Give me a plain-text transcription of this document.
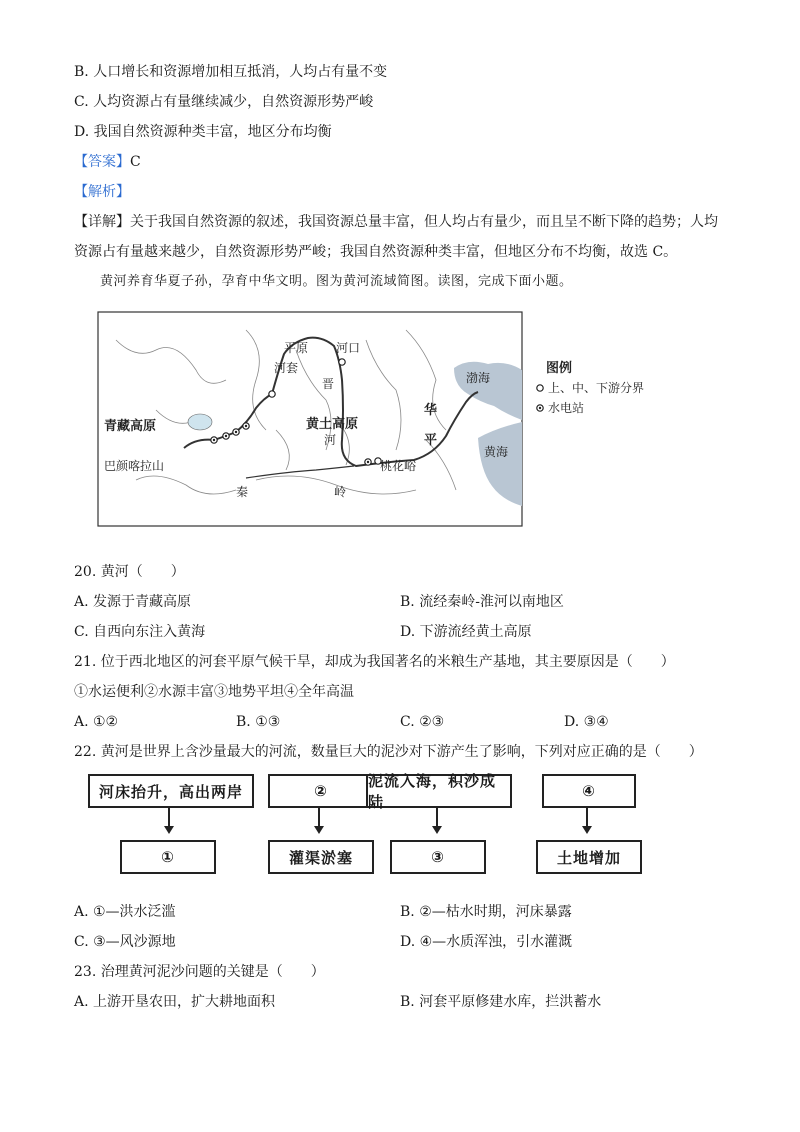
B. 人口增长和资源增加相互抵消，人均占有量不变
C. 人均资源占有量继续减少，自然资源形势严峻
D. 我国自然资源种类丰富，地区分布均衡
【答案】C
【解析】
【详解】关于我国自然资源的叙述，我国资源总量丰富，但人均占有量少，而且呈不断下降的趋势；人均
资源占有量越来越少，自然资源形势严峻；我国自然资源种类丰富，但地区分布不均衡，故选 C。
黄河养育华夏子孙，孕育中华文明。图为黄河流域简图。读图，完成下面小题。
青藏高原	黄土高原
华
平
平原 河口
河套
晋
河
渤海
黄海
桃花峪
秦	岭
巴颜喀拉山
图例
上、中、下游分界
水电站
20. 黄河（　　）
A. 发源于青藏高原	B. 流经秦岭-淮河以南地区
C. 自西向东注入黄海	D. 下游流经黄土高原
21. 位于西北地区的河套平原气候干旱，却成为我国著名的米粮生产基地，其主要原因是（　　）
①水运便利②水源丰富③地势平坦④全年高温
A. ①②	B. ①③	C. ②③	D. ③④
22. 黄河是世界上含沙量最大的河流，数量巨大的泥沙对下游产生了影响，下列对应正确的是（　　）
河床抬升，高出两岸	②
泥流入海，积沙成陆
④
①	灌渠淤塞	③	土地增加
A. ①—洪水泛滥	B. ②—枯水时期，河床暴露
C. ③—风沙源地	D. ④—水质浑浊，引水灌溉
23. 治理黄河泥沙问题的关键是（　　）
A. 上游开垦农田，扩大耕地面积	B. 河套平原修建水库，拦洪蓄水
